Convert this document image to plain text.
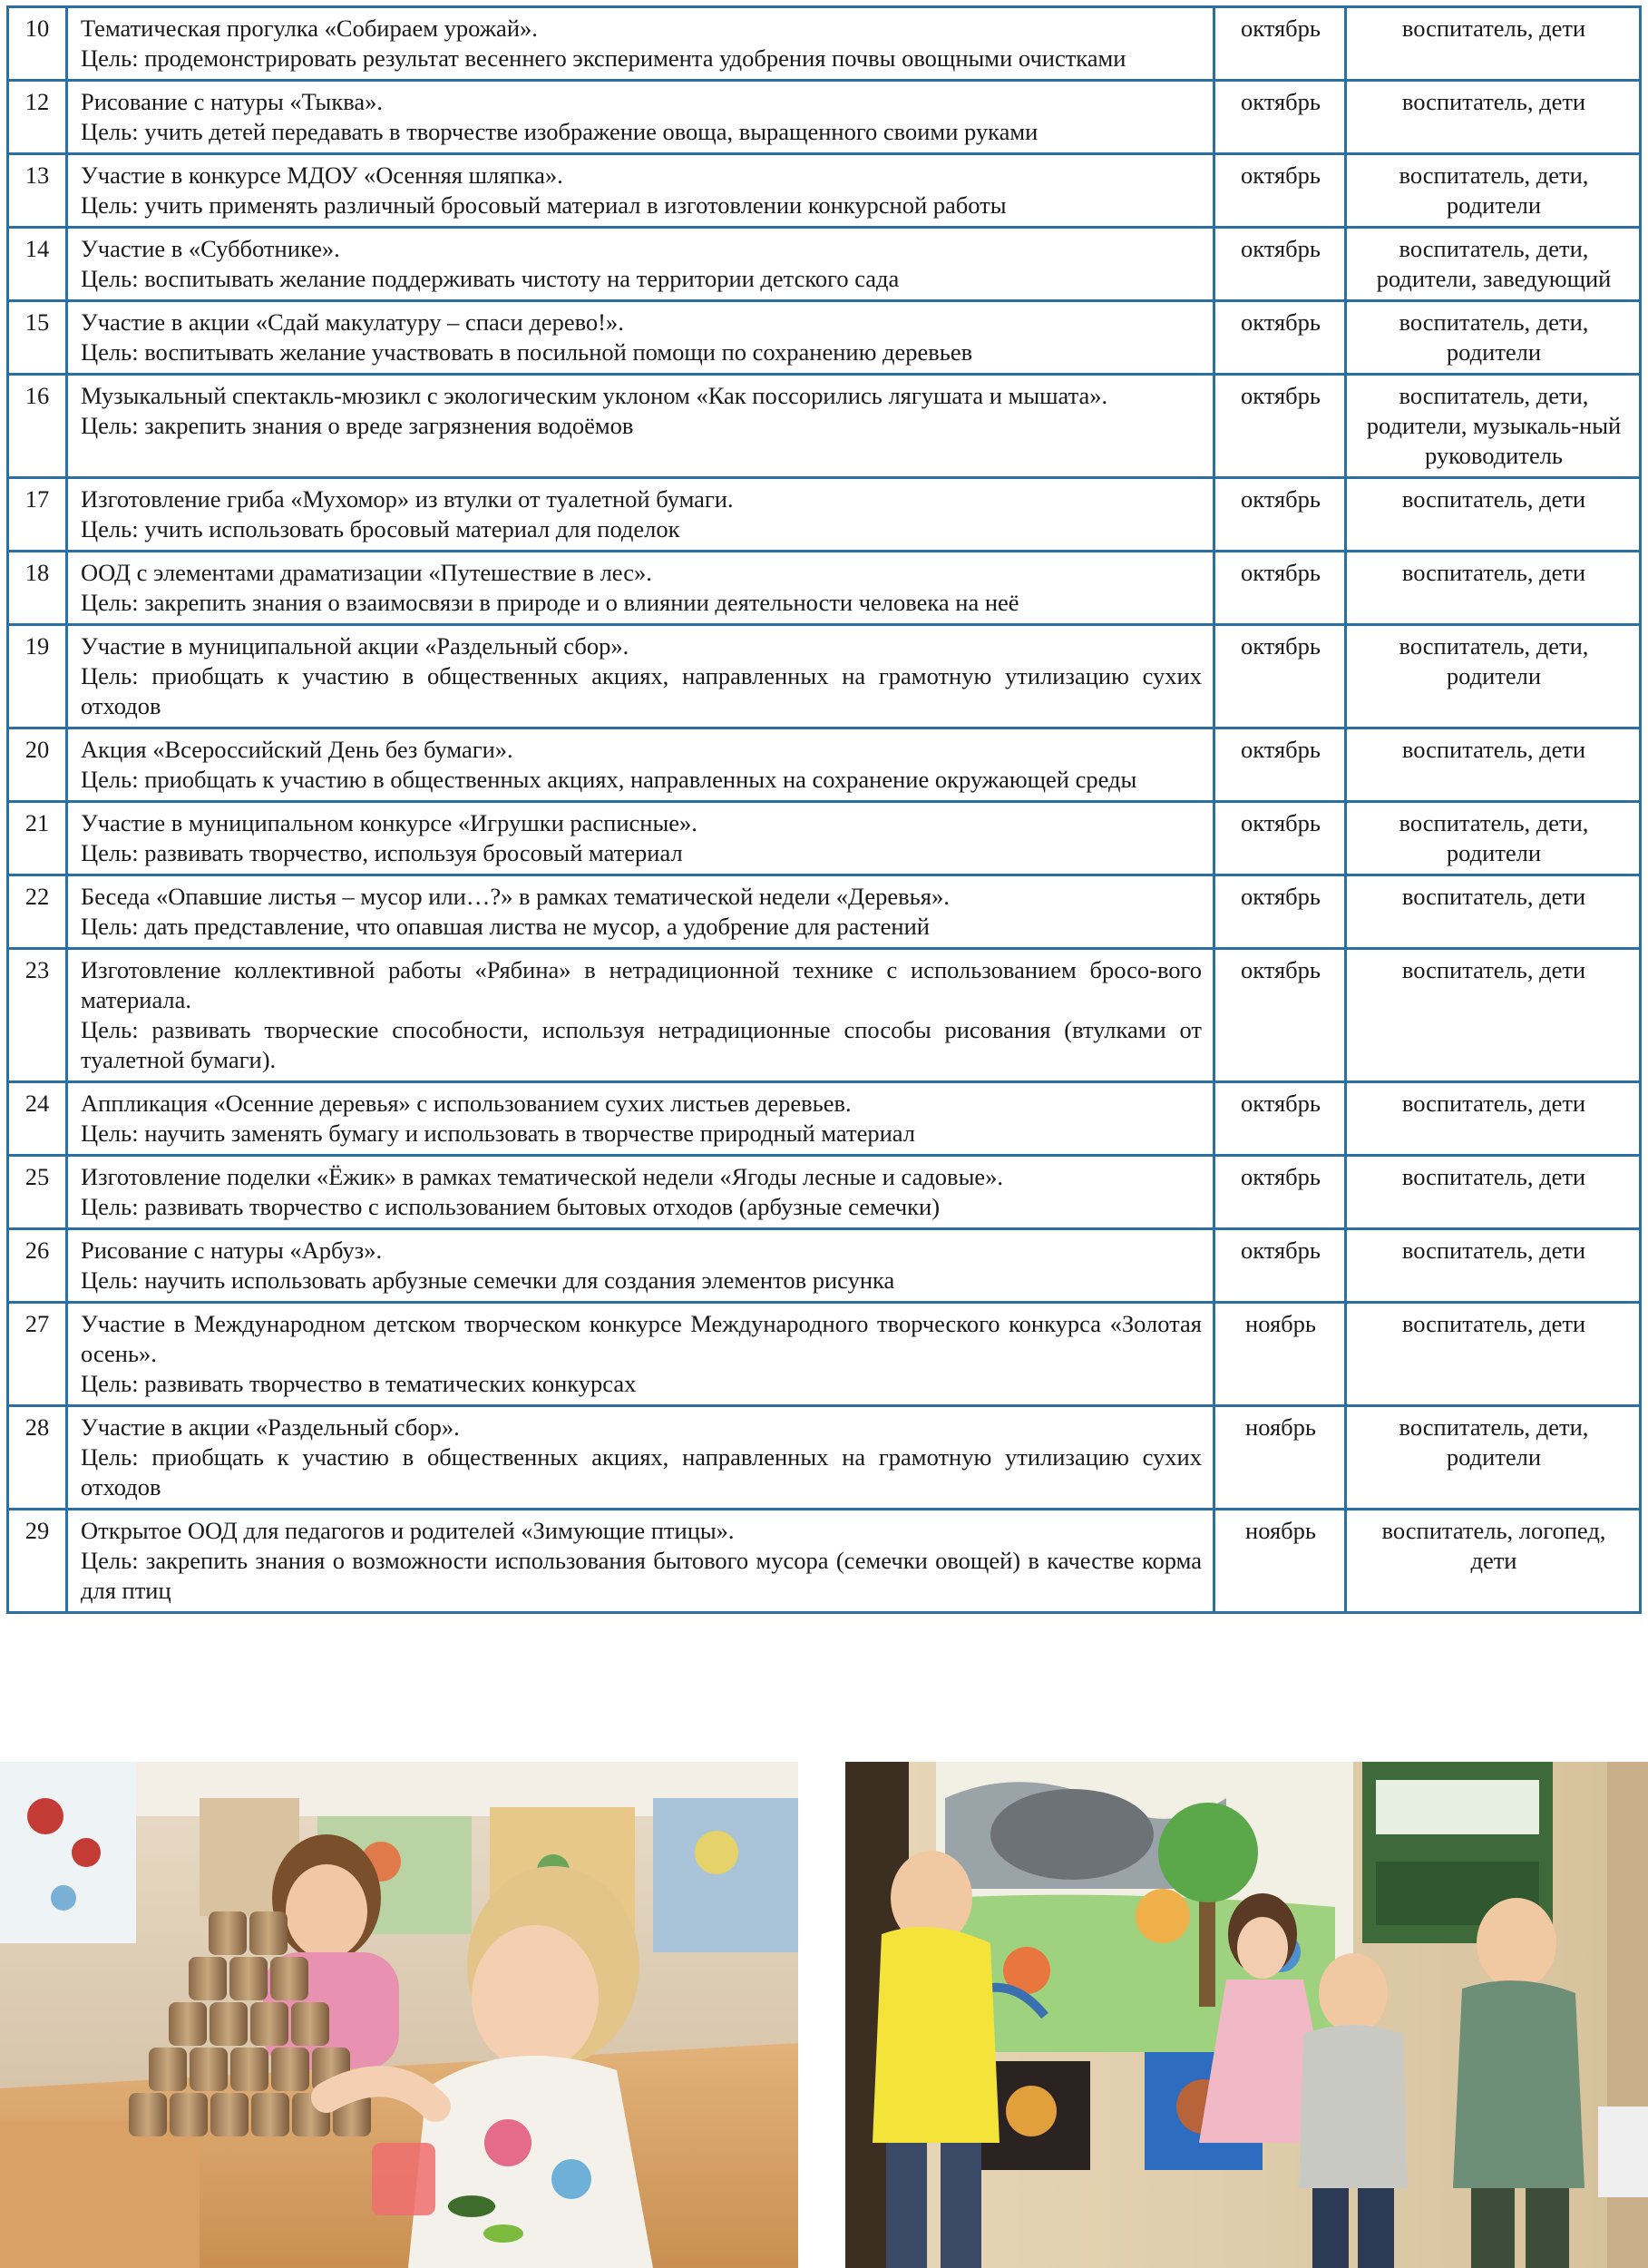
10	Тематическая прогулка «Собираем урожай».
Цель: продемонстрировать результат весеннего эксперимента удобрения почвы овощными очистками	октябрь	воспитатель, дети
12	Рисование с натуры «Тыква».
Цель: учить детей передавать в творчестве изображение овоща, выращенного своими руками	октябрь	воспитатель, дети
13	Участие в конкурсе МДОУ «Осенняя шляпка».
Цель: учить применять различный бросовый материал в изготовлении конкурсной работы	октябрь	воспитатель, дети, родители
14	Участие в «Субботнике».
Цель: воспитывать желание поддерживать чистоту на территории детского сада	октябрь	воспитатель, дети, родители, заведующий
15	Участие в акции «Сдай макулатуру – спаси дерево!».
Цель: воспитывать желание участвовать в посильной помощи по сохранению деревьев	октябрь	воспитатель, дети, родители
16	Музыкальный спектакль-мюзикл с экологическим уклоном «Как поссорились лягушата и мышата».
Цель: закрепить знания о вреде загрязнения водоёмов	октябрь	воспитатель, дети, родители, музыкаль-ный руководитель
17	Изготовление гриба «Мухомор» из втулки от туалетной бумаги.
Цель: учить использовать бросовый материал для поделок	октябрь	воспитатель, дети
18	ООД с элементами драматизации «Путешествие в лес».
Цель: закрепить знания о взаимосвязи в природе и о влиянии деятельности человека на неё	октябрь	воспитатель, дети
19	Участие в муниципальной акции «Раздельный сбор».
Цель: приобщать к участию в общественных акциях, направленных на грамотную утилизацию сухих отходов	октябрь	воспитатель, дети, родители
20	Акция «Всероссийский День без бумаги».
Цель: приобщать к участию в общественных акциях, направленных на сохранение окружающей среды	октябрь	воспитатель, дети
21	Участие в муниципальном конкурсе «Игрушки расписные».
Цель: развивать творчество, используя бросовый материал	октябрь	воспитатель, дети, родители
22	Беседа «Опавшие листья – мусор или…?» в рамках тематической недели «Деревья».
Цель: дать представление, что опавшая листва не мусор, а удобрение для растений	октябрь	воспитатель, дети
23	Изготовление коллективной работы «Рябина» в нетрадиционной технике с использованием бросо-вого материала.
Цель: развивать творческие способности, используя нетрадиционные способы рисования (втулками от туалетной бумаги).	октябрь	воспитатель, дети
24	Аппликация «Осенние деревья» с использованием сухих листьев деревьев.
Цель: научить заменять бумагу и использовать в творчестве природный материал	октябрь	воспитатель, дети
25	Изготовление поделки «Ёжик» в рамках тематической недели «Ягоды лесные и садовые».
Цель: развивать творчество с использованием бытовых отходов (арбузные семечки)	октябрь	воспитатель, дети
26	Рисование с натуры «Арбуз».
Цель: научить использовать арбузные семечки для создания элементов рисунка	октябрь	воспитатель, дети
27	Участие в Международном детском творческом конкурсе Международного творческого конкурса «Золотая осень».
Цель: развивать творчество в тематических конкурсах	ноябрь	воспитатель, дети
28	Участие в акции «Раздельный сбор».
Цель: приобщать к участию в общественных акциях, направленных на грамотную утилизацию сухих отходов	ноябрь	воспитатель, дети, родители
29	Открытое ООД для педагогов и родителей «Зимующие птицы».
Цель: закрепить знания о возможности использования бытового мусора (семечки овощей) в качестве корма для птиц	ноябрь	воспитатель, логопед, дети
